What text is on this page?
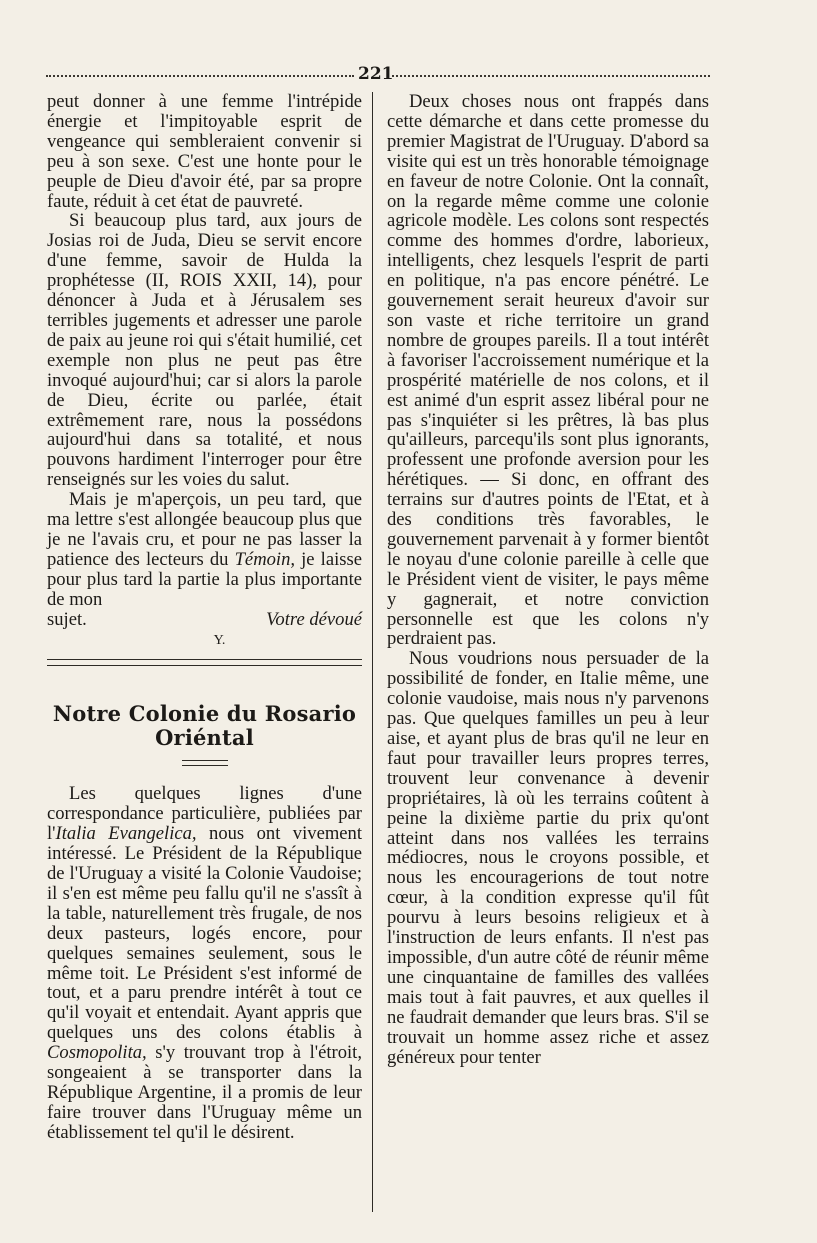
221

peut donner à une femme l'intrépide énergie et l'impitoyable esprit de vengeance qui sembleraient convenir si peu à son sexe. C'est une honte pour le peuple de Dieu d'avoir été, par sa propre faute, réduit à cet état de pauvreté.

Si beaucoup plus tard, aux jours de Josias roi de Juda, Dieu se servit encore d'une femme, savoir de Hulda la prophétesse (II, ROIS XXII, 14), pour dénoncer à Juda et à Jérusalem ses terribles jugements et adresser une parole de paix au jeune roi qui s'était humilié, cet exemple non plus ne peut pas être invoqué aujourd'hui; car si alors la parole de Dieu, écrite ou parlée, était extrêmement rare, nous la possédons aujourd'hui dans sa totalité, et nous pouvons hardiment l'interroger pour être renseignés sur les voies du salut.

Mais je m'aperçois, un peu tard, que ma lettre s'est allongée beaucoup plus que je ne l'avais cru, et pour ne pas lasser la patience des lecteurs du Témoin, je laisse pour plus tard la partie la plus importante de mon

sujet.	Votre dévoué
Y.
Notre Colonie du Rosario Oriéntal

Les quelques lignes d'une correspondance particulière, publiées par l'Italia Evangelica, nous ont vivement intéressé. Le Président de la République de l'Uruguay a visité la Colonie Vaudoise; il s'en est même peu fallu qu'il ne s'assît à la table, naturellement très frugale, de nos deux pasteurs, logés encore, pour quelques semaines seulement, sous le même toit. Le Président s'est informé de tout, et a paru prendre intérêt à tout ce qu'il voyait et entendait. Ayant appris que quelques uns des colons établis à Cosmopolita, s'y trouvant trop à l'étroit, songeaient à se transporter dans la République Argentine, il a promis de leur faire trouver dans l'Uruguay même un établissement tel qu'il le désirent.

Deux choses nous ont frappés dans cette démarche et dans cette promesse du premier Magistrat de l'Uruguay. D'abord sa visite qui est un très honorable témoignage en faveur de notre Colonie. Ont la connaît, on la regarde même comme une colonie agricole modèle. Les colons sont respectés comme des hommes d'ordre, laborieux, intelligents, chez lesquels l'esprit de parti en politique, n'a pas encore pénétré. Le gouvernement serait heureux d'avoir sur son vaste et riche territoire un grand nombre de groupes pareils. Il a tout intérêt à favoriser l'accroissement numérique et la prospérité matérielle de nos colons, et il est animé d'un esprit assez libéral pour ne pas s'inquiéter si les prêtres, là bas plus qu'ailleurs, parcequ'ils sont plus ignorants, professent une profonde aversion pour les hérétiques. — Si donc, en offrant des terrains sur d'autres points de l'Etat, et à des conditions très favorables, le gouvernement parvenait à y former bientôt le noyau d'une colonie pareille à celle que le Président vient de visiter, le pays même y gagnerait, et notre conviction personnelle est que les colons n'y perdraient pas.

Nous voudrions nous persuader de la possibilité de fonder, en Italie même, une colonie vaudoise, mais nous n'y parvenons pas. Que quelques familles un peu à leur aise, et ayant plus de bras qu'il ne leur en faut pour travailler leurs propres terres, trouvent leur convenance à devenir propriétaires, là où les terrains coûtent à peine la dixième partie du prix qu'ont atteint dans nos vallées les terrains médiocres, nous le croyons possible, et nous les encouragerions de tout notre cœur, à la condition expresse qu'il fût pourvu à leurs besoins religieux et à l'instruction de leurs enfants. Il n'est pas impossible, d'un autre côté de réunir même une cinquantaine de familles des vallées mais tout à fait pauvres, et aux quelles il ne faudrait demander que leurs bras. S'il se trouvait un homme assez riche et assez généreux pour tenter
